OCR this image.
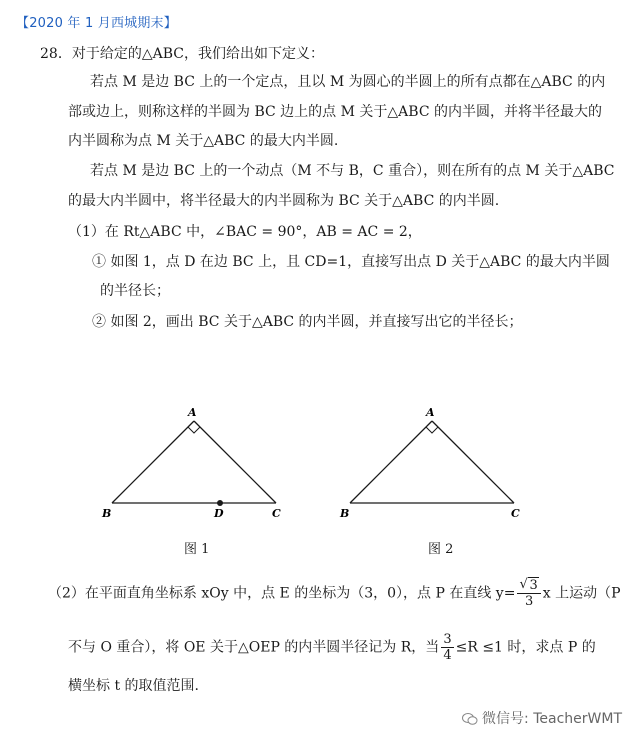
【2020 年 1 月西城期末】
28．对于给定的△ABC，我们给出如下定义：
若点 M 是边 BC 上的一个定点，且以 M 为圆心的半圆上的所有点都在△ABC 的内
部或边上，则称这样的半圆为 BC 边上的点 M 关于△ABC 的内半圆，并将半径最大的
内半圆称为点 M 关于△ABC 的最大内半圆.
若点 M 是边 BC 上的一个动点（M 不与 B，C 重合），则在所有的点 M 关于△ABC
的最大内半圆中，将半径最大的内半圆称为 BC 关于△ABC 的内半圆.
（1）在 Rt△ABC 中，∠BAC = 90°，AB = AC = 2，
① 如图 1，点 D 在边 BC 上，且 CD=1，直接写出点 D 关于△ABC 的最大内半圆
的半径长；
② 如图 2，画出 BC 关于△ABC 的内半圆，并直接写出它的半径长；
A
B	C
D
图 1
A
B	C
图 2
（2）在平面直角坐标系 xOy 中，点 E 的坐标为（3，0），点 P 在直线 y=
√ $\frac{3}{3}$ x 上运动（P
不与 O 重合），将 OE 关于△OEP 的内半圆半径记为 R，当 $\frac{3}{4} \le R \le 1$ 时，求点 P 的
横坐标 t 的取值范围.
微信号: TeacherWMT
